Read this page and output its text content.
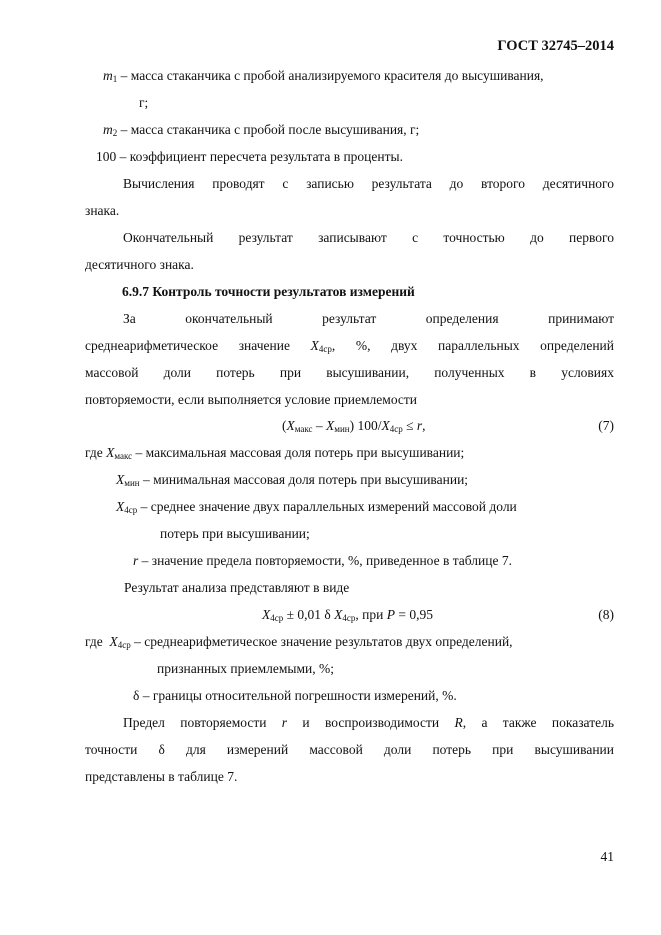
ГОСТ 32745–2014
$m_1$ – масса стаканчика с пробой анализируемого красителя до высушивания,
г;
$m_2$ – масса стаканчика с пробой после высушивания, г;
100 – коэффициент пересчета результата в проценты.
Вычисления проводят с записью результата до второго десятичного
знака.
Окончательный результат записывают с точностью до первого
десятичного знака.
6.9.7 Контроль точности результатов измерений
За окончательный результат определения принимают
среднеарифметическое значение $X_{4ср}$, %, двух параллельных определений
массовой доли потерь при высушивании, полученных в условиях
повторяемости, если выполняется условие приемлемости
$(X_{макс} - X_{мин}) 100/X_{4ср} \le r$,	(7)
где $X_{макс}$ – максимальная массовая доля потерь при высушивании;
$X_{мин}$ – минимальная массовая доля потерь при высушивании;
$X_{4ср}$ – среднее значение двух параллельных измерений массовой доли
потерь при высушивании;
r – значение предела повторяемости, %, приведенное в таблице 7.
Результат анализа представляют в виде
$X_{4ср} \pm 0,01$ δ $X_{4ср}$, при P = 0,95	(8)
где  $X_{4ср}$ – среднеарифметическое значение результатов двух определений,
признанных приемлемыми, %;
δ – границы относительной погрешности измерений, %.
Предел повторяемости r и воспроизводимости R, а также показатель
точности δ для измерений массовой доли потерь при высушивании
представлены в таблице 7.
41
